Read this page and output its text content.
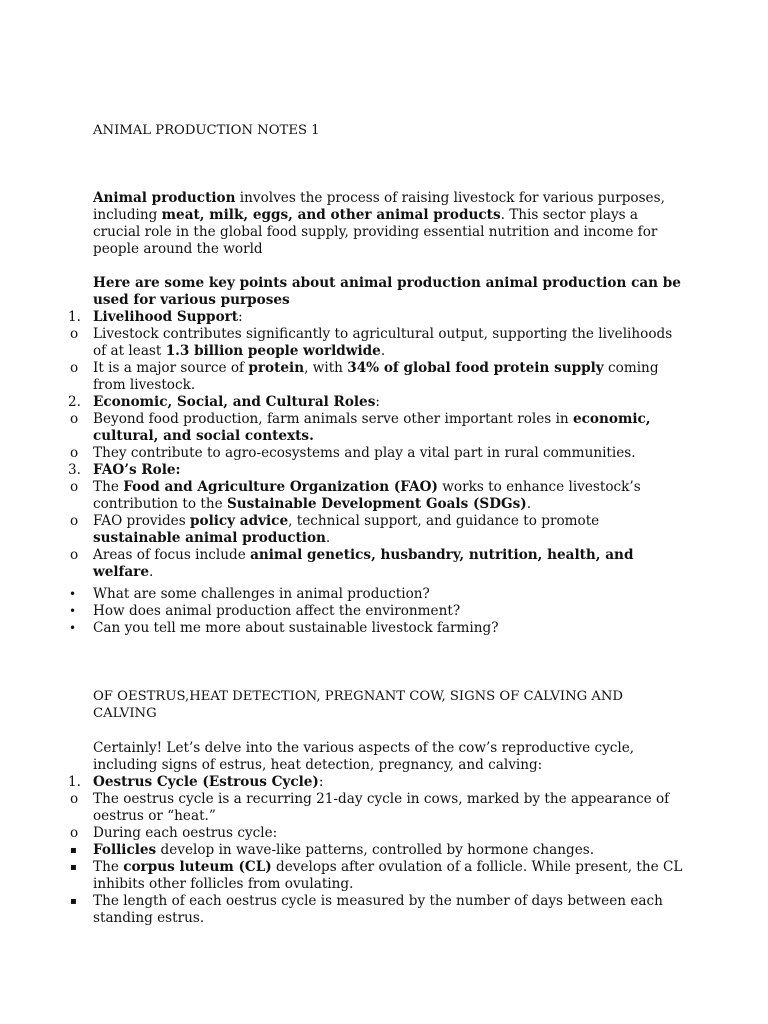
ANIMAL PRODUCTION NOTES 1

Animal production involves the process of raising livestock for various purposes, including meat, milk, eggs, and other animal products. This sector plays a crucial role in the global food supply, providing essential nutrition and income for people around the world

Here are some key points about animal production animal production can be used for various purposes

1. Livelihood Support:
o	Livestock contributes significantly to agricultural output, supporting the livelihoods of at least 1.3 billion people worldwide.
o	It is a major source of protein, with 34% of global food protein supply coming from livestock.
2. Economic, Social, and Cultural Roles:
o	Beyond food production, farm animals serve other important roles in economic, cultural, and social contexts.
o	They contribute to agro-ecosystems and play a vital part in rural communities.
3. FAO’s Role:
o	The Food and Agriculture Organization (FAO) works to enhance livestock’s contribution to the Sustainable Development Goals (SDGs).
o	FAO provides policy advice, technical support, and guidance to promote sustainable animal production.
o	Areas of focus include animal genetics, husbandry, nutrition, health, and welfare.
•	What are some challenges in animal production?
•	How does animal production affect the environment?
•	Can you tell me more about sustainable livestock farming?
OF OESTRUS,HEAT DETECTION, PREGNANT COW, SIGNS OF CALVING AND CALVING

Certainly! Let’s delve into the various aspects of the cow’s reproductive cycle, including signs of estrus, heat detection, pregnancy, and calving:

1. Oestrus Cycle (Estrous Cycle):
o	The oestrus cycle is a recurring 21-day cycle in cows, marked by the appearance of oestrus or “heat.”
o	During each oestrus cycle:
▪	Follicles develop in wave-like patterns, controlled by hormone changes.
▪	The corpus luteum (CL) develops after ovulation of a follicle. While present, the CL inhibits other follicles from ovulating.
▪	The length of each oestrus cycle is measured by the number of days between each standing estrus.
